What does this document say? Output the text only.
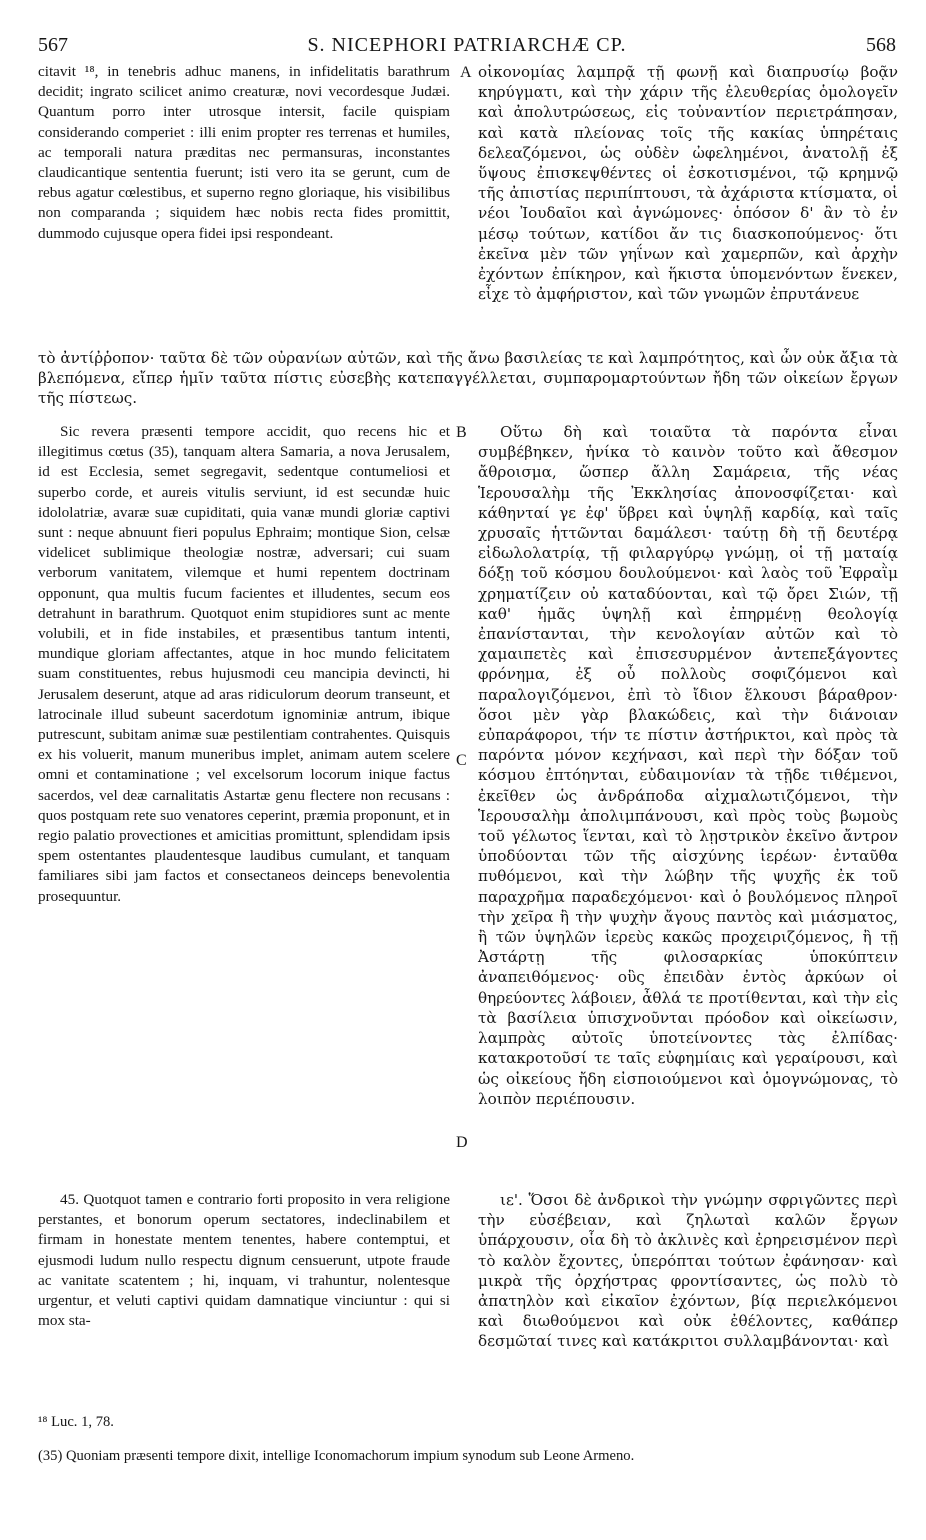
567	S. NICEPHORI PATRIARCHÆ CP.	568

citavit ¹⁸, in tenebris adhuc manens, in infidelitatis barathrum decidit; ingrato scilicet animo creaturæ, novi vecordesque Judæi. Quantum porro inter utrosque intersit, facile quispiam considerando comperiet : illi enim propter res terrenas et humiles, ac temporali natura præditas nec permansuras, inconstantes claudicantique sententia fuerunt; isti vero ita se gerunt, cum de rebus agatur cœlestibus, et superno regno gloriaque, his visibilibus non comparanda ; siquidem hæc nobis recta fides promittit, dummodo cujusque opera fidei ipsi respondeant.

A οἰκονομίας λαμπρᾷ τῇ φωνῇ καὶ διαπρυσίῳ βοᾷν κηρύγματι, καὶ τὴν χάριν τῆς ἐλευθερίας ὁμολογεῖν καὶ ἀπολυτρώσεως, εἰς τοὐναντίον περιετράπησαν, καὶ κατὰ πλείονας τοῖς τῆς κακίας ὑπηρέταις δελεαζόμενοι, ὡς οὐδὲν ὠφελημένοι, ἀνατολῇ ἐξ ὕψους ἐπισκεψθέντες οἱ ἐσκοτισμένοι, τῷ κρημνῷ τῆς ἀπιστίας περιπίπτουσι, τὰ ἀχάριστα κτίσματα, οἱ νέοι Ἰουδαῖοι καὶ ἀγνώμονες· ὁπόσον δ' ἂν τὸ ἐν μέσῳ τούτων, κατίδοι ἄν τις διασκοπούμενος· ὅτι ἐκεῖνα μὲν τῶν γηΐνων καὶ χαμερπῶν, καὶ ἀρχὴν ἐχόντων ἐπίκηρον, καὶ ἥκιστα ὑπομενόντων ἕνεκεν, εἶχε τὸ ἀμφήριστον, καὶ τῶν γνωμῶν ἐπρυτάνευε

τὸ ἀντίῤῥοπον· ταῦτα δὲ τῶν οὐρανίων αὐτῶν, καὶ τῆς ἄνω βασιλείας τε καὶ λαμπρότητος, καὶ ὧν οὐκ ἄξια τὰ βλεπόμενα, εἴπερ ἡμῖν ταῦτα πίστις εὐσεβὴς κατεπαγγέλλεται, συμπαρομαρτούντων ἤδη τῶν οἰκείων ἔργων τῆς πίστεως.

Sic revera præsenti tempore accidit, quo recens hic et illegitimus cœtus (35), tanquam altera Samaria, a nova Jerusalem, id est Ecclesia, semet segregavit, sedentque contumeliosi et superbo corde, et aureis vitulis serviunt, id est secundæ huic idololatriæ, avaræ suæ cupiditati, quia vanæ mundi gloriæ captivi sunt : neque abnuunt fieri populus Ephraim; montique Sion, celsæ videlicet sublimique theologiæ nostræ, adversari; cui suam verborum vanitatem, vilemque et humi repentem doctrinam opponunt, qua multis fucum facientes et illudentes, secum eos detrahunt in barathrum. Quotquot enim stupidiores sunt ac mente volubili, et in fide instabiles, et præsentibus tantum intenti, mundique gloriam affectantes, atque in hoc mundo felicitatem suam constituentes, rebus hujusmodi ceu mancipia devincti, hi Jerusalem deserunt, atque ad aras ridiculorum deorum transeunt, et latrocinale illud subeunt sacerdotum ignominiæ antrum, ibique putrescunt, subitam animæ suæ pestilentiam contrahentes. Quisquis ex his voluerit, manum muneribus implet, animam autem scelere omni et contaminatione ; vel excelsorum locorum inique factus sacerdos, vel deæ carnalitatis Astartæ genu flectere non recusans : quos postquam rete suo venatores ceperint, præmia proponunt, et in regio palatio provectiones et amicitias promittunt, splendidam ipsis spem ostentantes plaudentesque laudibus cumulant, et tanquam familiares sibi jam factos et consectaneos deinceps benevolentia prosequuntur.

B
C
D

Οὕτω δὴ καὶ τοιαῦτα τὰ παρόντα εἶναι συμβέβηκεν, ἡνίκα τὸ καινὸν τοῦτο καὶ ἄθεσμον ἄθροισμα, ὥσπερ ἄλλη Σαμάρεια, τῆς νέας Ἱερουσαλὴμ τῆς Ἐκκλησίας ἀπονοσφίζεται· καὶ κάθηνταί γε ἐφ' ὕβρει καὶ ὑψηλῇ καρδίᾳ, καὶ ταῖς χρυσαῖς ἡττῶνται δαμάλεσι· ταύτῃ δὴ τῇ δευτέρᾳ εἰδωλολατρίᾳ, τῇ φιλαργύρῳ γνώμῃ, οἱ τῇ ματαίᾳ δόξῃ τοῦ κόσμου δουλούμενοι· καὶ λαὸς τοῦ Ἐφραῒμ χρηματίζειν οὐ καταδύονται, καὶ τῷ ὄρει Σιών, τῇ καθ' ἡμᾶς ὑψηλῇ καὶ ἐπηρμένῃ θεολογίᾳ ἐπανίστανται, τὴν κενολογίαν αὐτῶν καὶ τὸ χαμαιπετὲς καὶ ἐπισεσυρμένον ἀντεπεξάγοντες φρόνημα, ἐξ οὗ πολλοὺς σοφιζόμενοι καὶ παραλογιζόμενοι, ἐπὶ τὸ ἴδιον ἕλκουσι βάραθρον· ὅσοι μὲν γὰρ βλακώδεις, καὶ τὴν διάνοιαν εὐπαράφοροι, τήν τε πίστιν ἀστήρικτοι, καὶ πρὸς τὰ παρόντα μόνον κεχήνασι, καὶ περὶ τὴν δόξαν τοῦ κόσμου ἐπτόηνται, εὐδαιμονίαν τὰ τῇδε τιθέμενοι, ἐκεῖθεν ὡς ἀνδράποδα αἰχμαλωτιζόμενοι, τὴν Ἱερουσαλὴμ ἀπολιμπάνουσι, καὶ πρὸς τοὺς βωμοὺς τοῦ γέλωτος ἵενται, καὶ τὸ λῃστρικὸν ἐκεῖνο ἄντρον ὑποδύονται τῶν τῆς αἰσχύνης ἱερέων· ἐνταῦθα πυθόμενοι, καὶ τὴν λώβην τῆς ψυχῆς ἐκ τοῦ παραχρῆμα παραδεχόμενοι· καὶ ὁ βουλόμενος πληροῖ τὴν χεῖρα ἢ τὴν ψυχὴν ἄγους παντὸς καὶ μιάσματος, ἢ τῶν ὑψηλῶν ἱερεὺς κακῶς προχειριζόμενος, ἢ τῇ Ἀστάρτῃ τῆς φιλοσαρκίας ὑποκύπτειν ἀναπειθόμενος· οὓς ἐπειδὰν ἐντὸς ἀρκύων οἱ θηρεύοντες λάβοιεν, ἆθλά τε προτίθενται, καὶ τὴν εἰς τὰ βασίλεια ὑπισχνοῦνται πρόοδον καὶ οἰκείωσιν, λαμπρὰς αὐτοῖς ὑποτείνοντες τὰς ἐλπίδας· κατακροτοῦσί τε ταῖς εὐφημίαις καὶ γεραίρουσι, καὶ ὡς οἰκείους ἤδη εἰσποιούμενοι καὶ ὁμογνώμονας, τὸ λοιπὸν περιέπουσιν.

45. Quotquot tamen e contrario forti proposito in vera religione perstantes, et bonorum operum sectatores, indeclinabilem et firmam in honestate mentem tenentes, habere contemptui, et ejusmodi ludum nullo respectu dignum censuerunt, utpote fraude ac vanitate scatentem ; hi, inquam, vi trahuntur, nolentesque urgentur, et veluti captivi quidam damnatique vinciuntur : qui si mox sta-

ιε'. Ὅσοι δὲ ἀνδρικοὶ τὴν γνώμην σφριγῶντες περὶ τὴν εὐσέβειαν, καὶ ζηλωταὶ καλῶν ἔργων ὑπάρχουσιν, οἷα δὴ τὸ ἀκλινὲς καὶ ἐρηρεισμένον περὶ τὸ καλὸν ἔχοντες, ὑπερόπται τούτων ἐφάνησαν· καὶ μικρὰ τῆς ὀρχήστρας φροντίσαντες, ὡς πολὺ τὸ ἀπατηλὸν καὶ εἰκαῖον ἐχόντων, βίᾳ περιελκόμενοι καὶ διωθούμενοι καὶ οὐκ ἐθέλοντες, καθάπερ δεσμῶταί τινες καὶ κατάκριτοι συλλαμβάνονται· καὶ

¹⁸ Luc. 1, 78.

(35) Quoniam præsenti tempore dixit, intellige Iconomachorum impium synodum sub Leone Armeno.
